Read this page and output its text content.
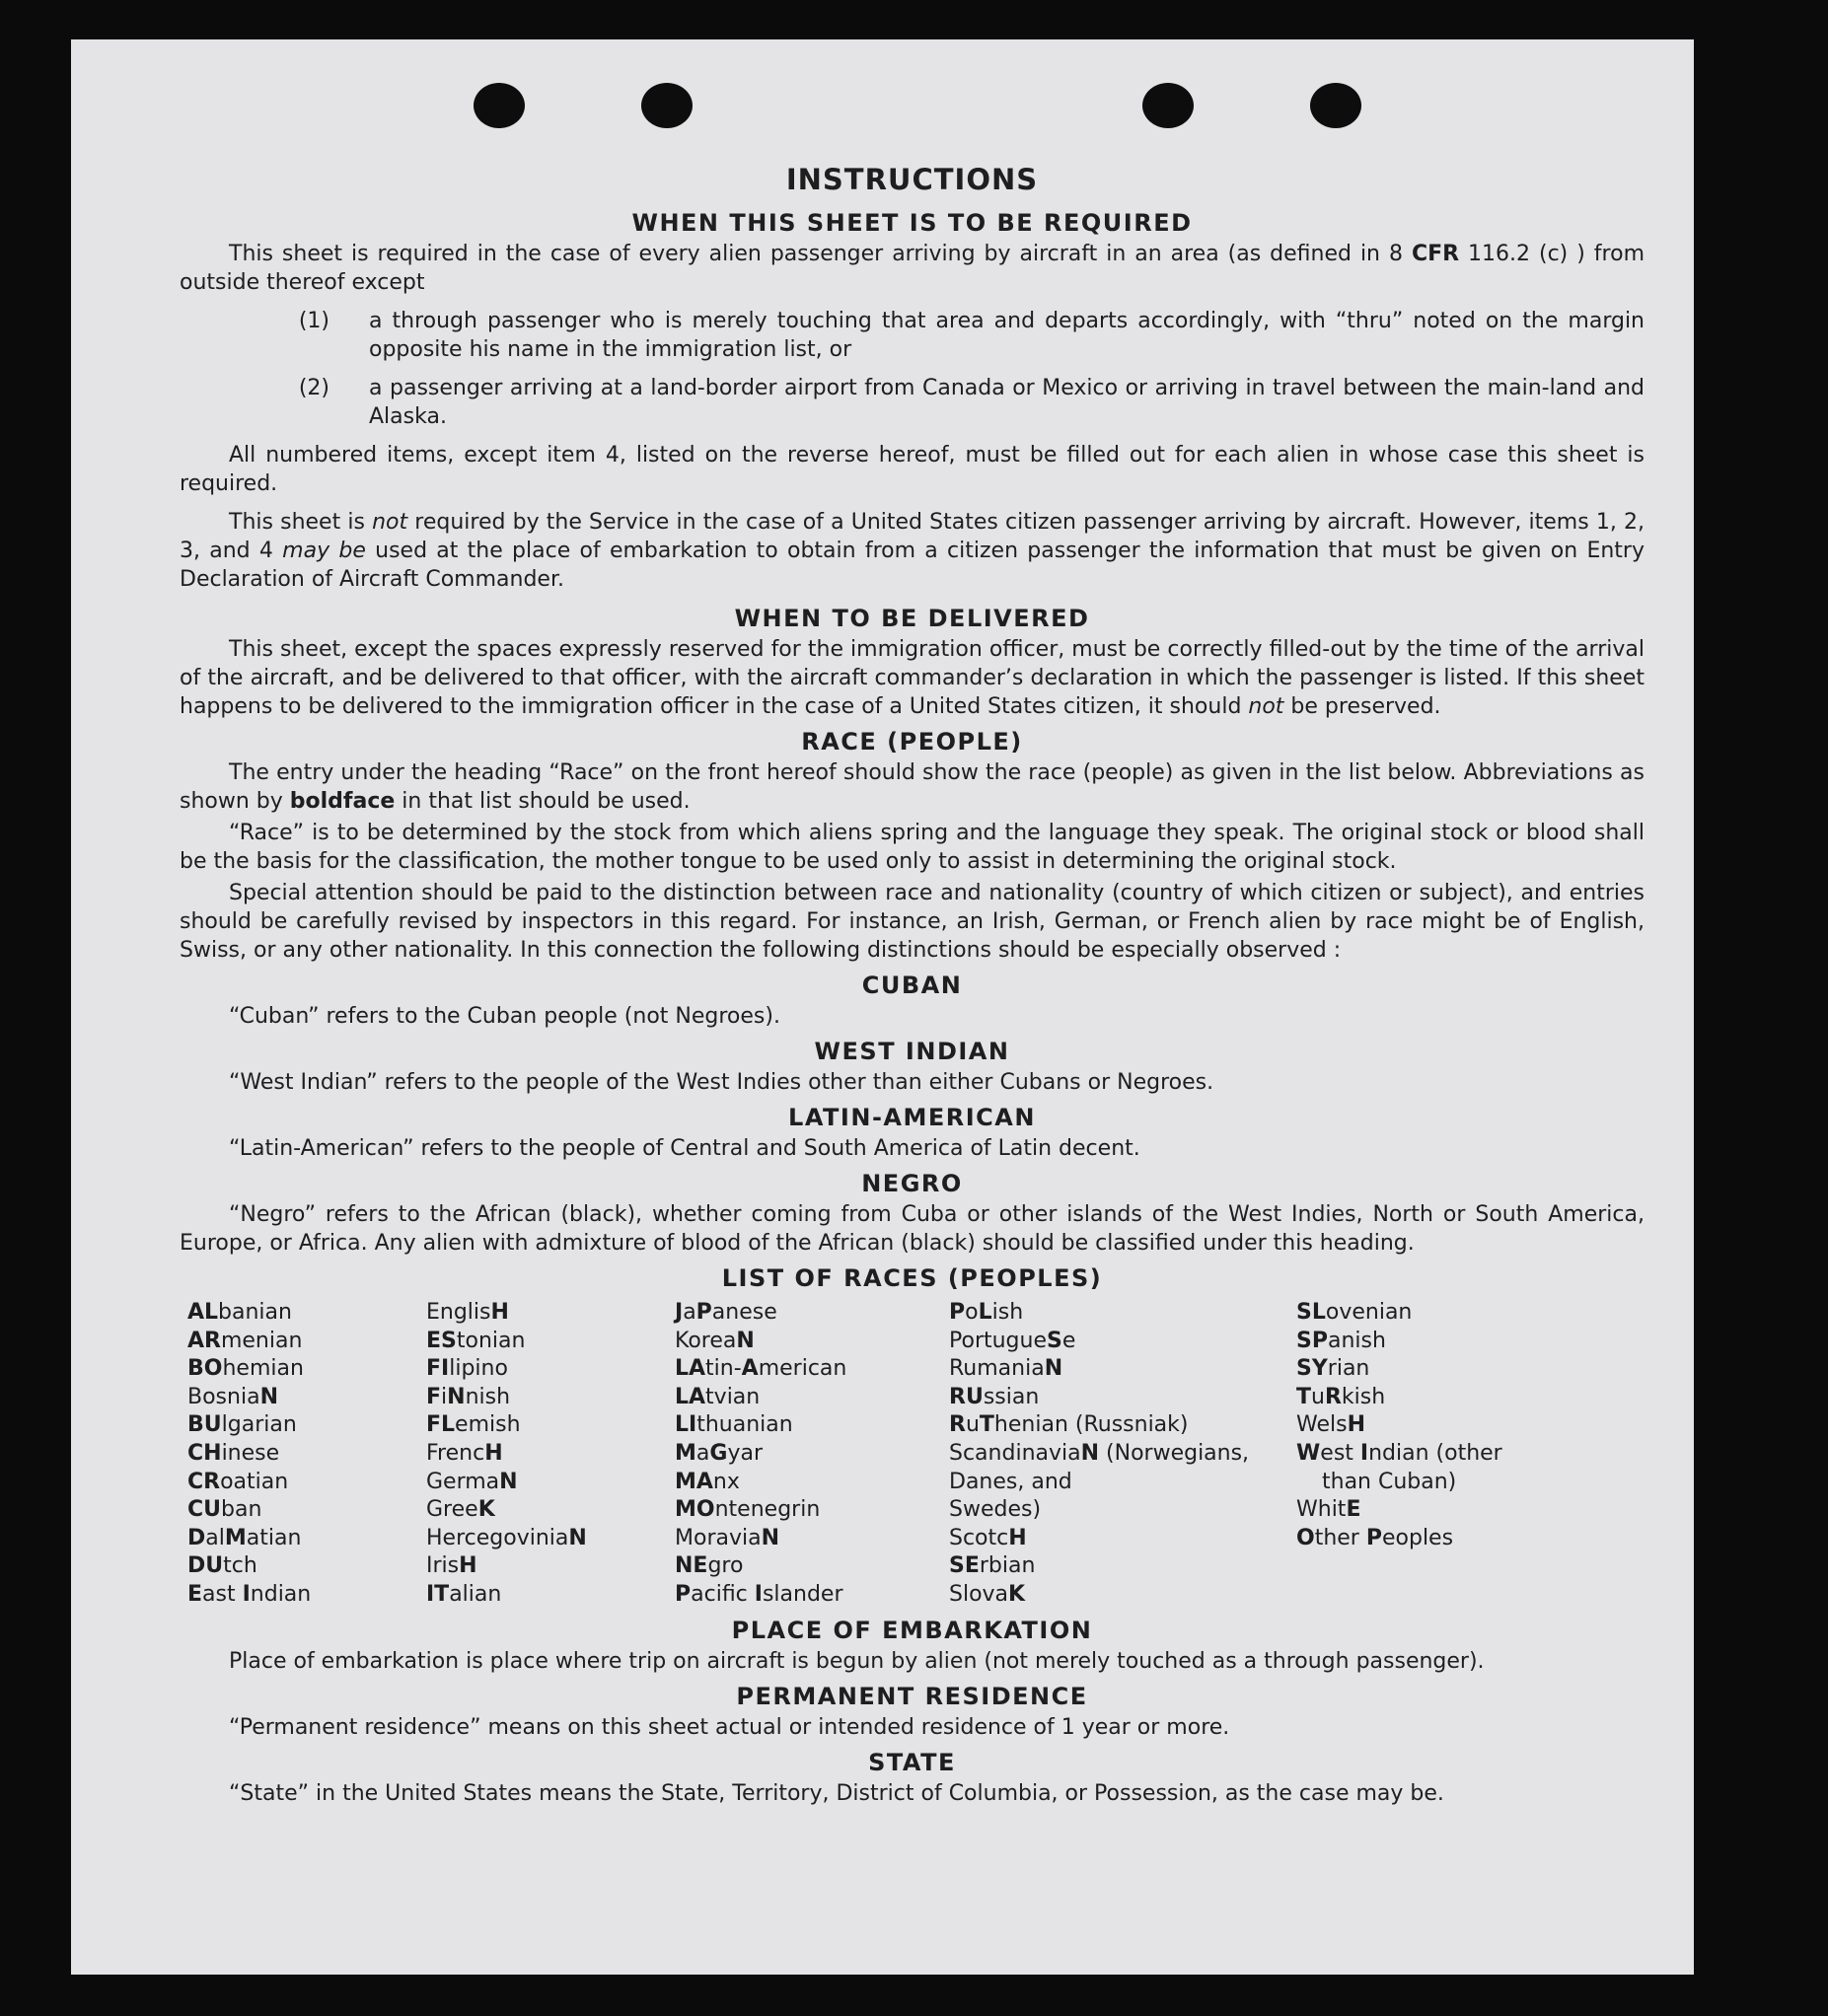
INSTRUCTIONS
WHEN THIS SHEET IS TO BE REQUIRED

This sheet is required in the case of every alien passenger arriving by aircraft in an area (as defined in 8 CFR 116.2 (c) ) from outside thereof except

(1)	a through passenger who is merely touching that area and departs accordingly, with “thru” noted on the margin opposite his name in the immigration list, or
(2)	a passenger arriving at a land-border airport from Canada or Mexico or arriving in travel between the main-land and Alaska.

All numbered items, except item 4, listed on the reverse hereof, must be filled out for each alien in whose case this sheet is required.

This sheet is not required by the Service in the case of a United States citizen passenger arriving by aircraft. However, items 1, 2, 3, and 4 may be used at the place of embarkation to obtain from a citizen passenger the information that must be given on Entry Declaration of Aircraft Commander.

WHEN TO BE DELIVERED

This sheet, except the spaces expressly reserved for the immigration officer, must be correctly filled-out by the time of the arrival of the aircraft, and be delivered to that officer, with the aircraft commander’s declaration in which the passenger is listed. If this sheet happens to be delivered to the immigration officer in the case of a United States citizen, it should not be preserved.

RACE (PEOPLE)

The entry under the heading “Race” on the front hereof should show the race (people) as given in the list below. Abbreviations as shown by boldface in that list should be used.

“Race” is to be determined by the stock from which aliens spring and the language they speak. The original stock or blood shall be the basis for the classification, the mother tongue to be used only to assist in determining the original stock.

Special attention should be paid to the distinction between race and nationality (country of which citizen or subject), and entries should be carefully revised by inspectors in this regard. For instance, an Irish, German, or French alien by race might be of English, Swiss, or any other nationality. In this connection the following distinctions should be especially observed :

CUBAN

“Cuban” refers to the Cuban people (not Negroes).

WEST INDIAN

“West Indian” refers to the people of the West Indies other than either Cubans or Negroes.

LATIN-AMERICAN

“Latin-American” refers to the people of Central and South America of Latin decent.

NEGRO

“Negro” refers to the African (black), whether coming from Cuba or other islands of the West Indies, North or South America, Europe, or Africa. Any alien with admixture of blood of the African (black) should be classified under this heading.

LIST OF RACES (PEOPLES)
ALbanian
ARmenian
BOhemian
BosniaN
BUlgarian
CHinese
CRoatian
CUban
DalMatian
DUtch
East Indian
EnglisH
EStonian
FIlipino
FiNnish
FLemish
FrencH
GermaN
GreeK
HercegoviniaN
IrisH
ITalian
JaPanese
KoreaN
LAtin-American
LAtvian
LIthuanian
MaGyar
MAnx
MOntenegrin
MoraviaN
NEgro
Pacific Islander
PoLish
PortugueSe
RumaniaN
RUssian
RuThenian (Russniak)
ScandinaviaN (Norwegians,
Danes, and
Swedes)
ScotcH
SErbian
SlovaK
SLovenian
SPanish
SYrian
TuRkish
WelsH
West Indian (other
than Cuban)
WhitE
Other Peoples
PLACE OF EMBARKATION

Place of embarkation is place where trip on aircraft is begun by alien (not merely touched as a through passenger).

PERMANENT RESIDENCE

“Permanent residence” means on this sheet actual or intended residence of 1 year or more.

STATE

“State” in the United States means the State, Territory, District of Columbia, or Possession, as the case may be.
